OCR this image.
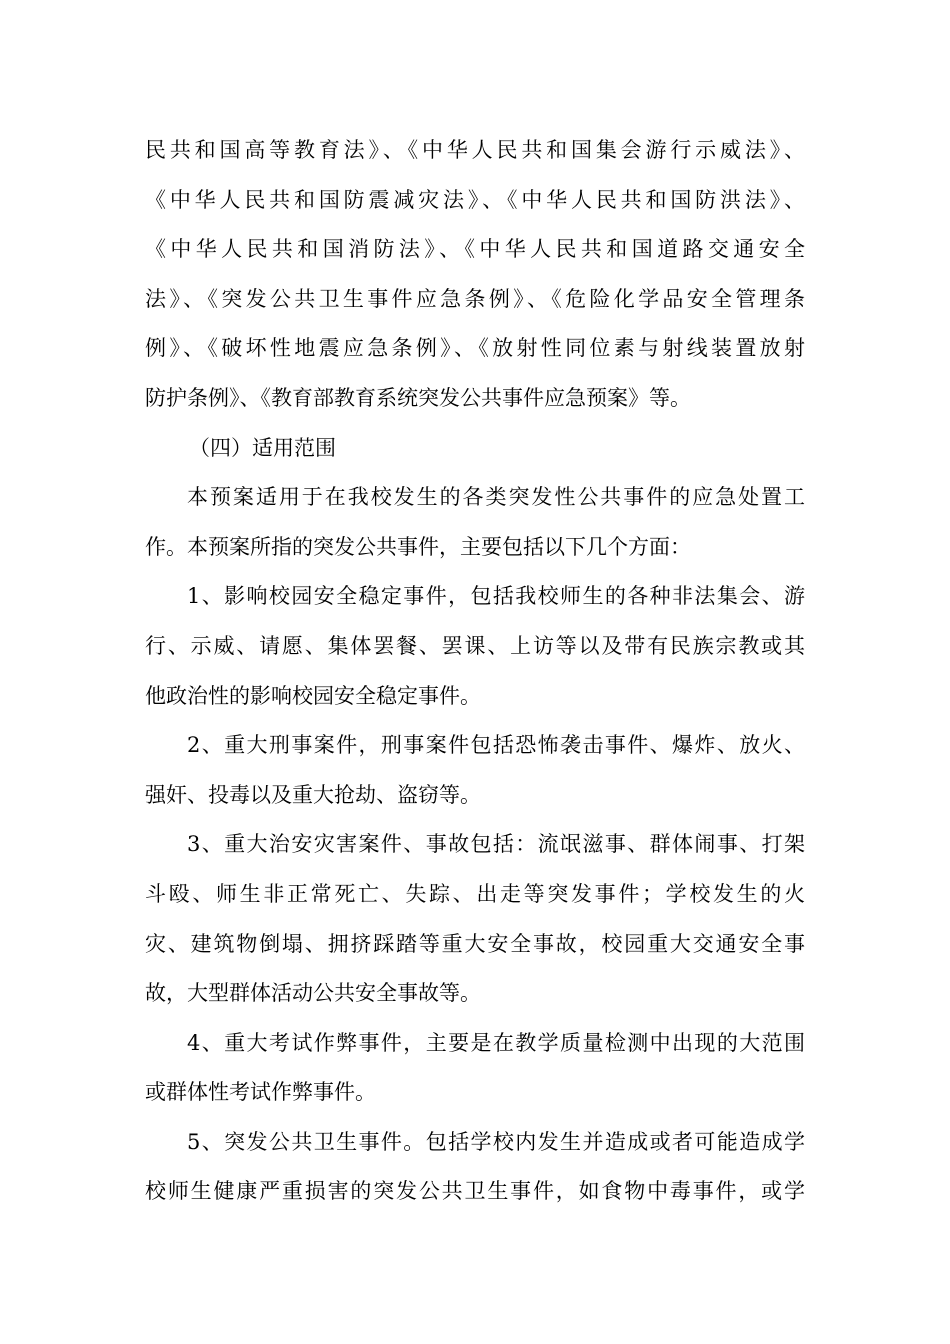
民共和国高等教育法》、《中华人民共和国集会游行示威法》、
《中华人民共和国防震减灾法》、《中华人民共和国防洪法》、
《中华人民共和国消防法》、《中华人民共和国道路交通安全
法》、《突发公共卫生事件应急条例》、《危险化学品安全管理条
例》、《破坏性地震应急条例》、《放射性同位素与射线装置放射
防护条例》、《教育部教育系统突发公共事件应急预案》等。
（四）适用范围
本预案适用于在我校发生的各类突发性公共事件的应急处置工
作。本预案所指的突发公共事件，主要包括以下几个方面：
1、影响校园安全稳定事件，包括我校师生的各种非法集会、游
行、示威、请愿、集体罢餐、罢课、上访等以及带有民族宗教或其
他政治性的影响校园安全稳定事件。
2、重大刑事案件，刑事案件包括恐怖袭击事件、爆炸、放火、
强奸、投毒以及重大抢劫、盗窃等。
3、重大治安灾害案件、事故包括：流氓滋事、群体闹事、打架
斗殴、师生非正常死亡、失踪、出走等突发事件；学校发生的火
灾、建筑物倒塌、拥挤踩踏等重大安全事故，校园重大交通安全事
故，大型群体活动公共安全事故等。
4、重大考试作弊事件，主要是在教学质量检测中出现的大范围
或群体性考试作弊事件。
5、突发公共卫生事件。包括学校内发生并造成或者可能造成学
校师生健康严重损害的突发公共卫生事件，如食物中毒事件，或学
